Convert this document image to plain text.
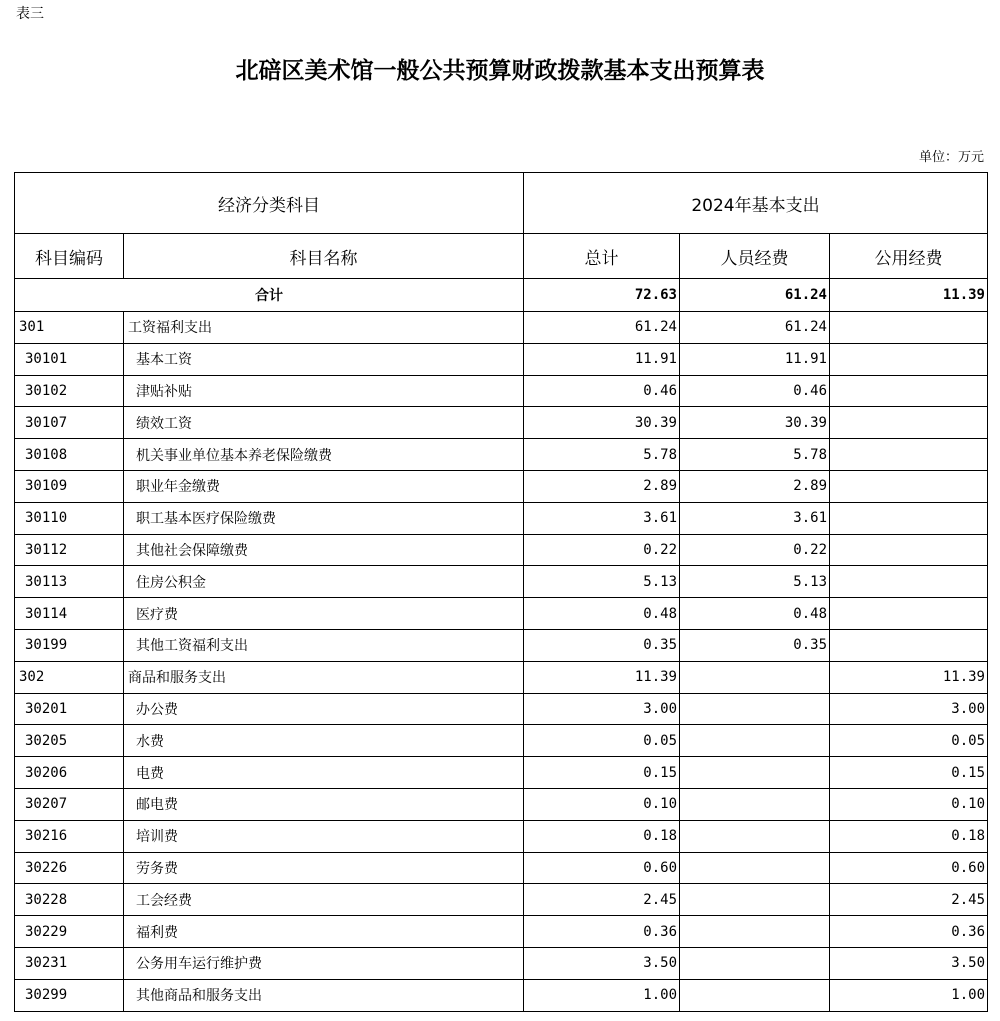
表三
北碚区美术馆一般公共预算财政拨款基本支出预算表
单位：万元
经济分类科目		2024年基本支出		
科目编码	科目名称	总计	人员经费	公用经费
合计		72.63	61.24	11.39
301	工资福利支出	61.24	61.24	
30101	基本工资	11.91	11.91	
30102	津贴补贴	0.46	0.46	
30107	绩效工资	30.39	30.39	
30108	机关事业单位基本养老保险缴费	5.78	5.78	
30109	职业年金缴费	2.89	2.89	
30110	职工基本医疗保险缴费	3.61	3.61	
30112	其他社会保障缴费	0.22	0.22	
30113	住房公积金	5.13	5.13	
30114	医疗费	0.48	0.48	
30199	其他工资福利支出	0.35	0.35	
302	商品和服务支出	11.39		11.39
30201	办公费	3.00		3.00
30205	水费	0.05		0.05
30206	电费	0.15		0.15
30207	邮电费	0.10		0.10
30216	培训费	0.18		0.18
30226	劳务费	0.60		0.60
30228	工会经费	2.45		2.45
30229	福利费	0.36		0.36
30231	公务用车运行维护费	3.50		3.50
30299	其他商品和服务支出	1.00		1.00
